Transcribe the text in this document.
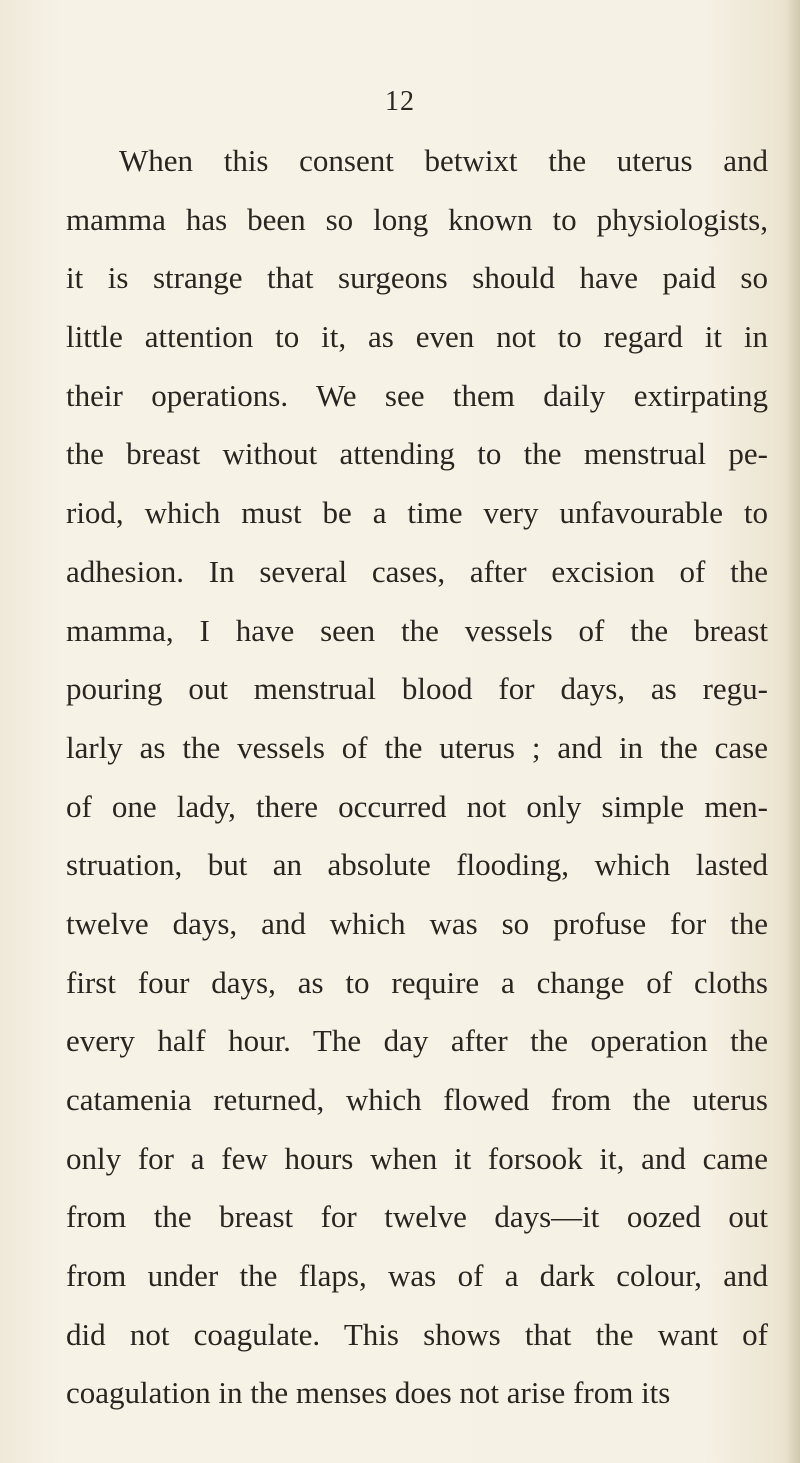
12
When this consent betwixt the uterus and
mamma has been so long known to physiologists,
it is strange that surgeons should have paid so
little attention to it, as even not to regard it in
their operations. We see them daily extirpating
the breast without attending to the menstrual pe-
riod, which must be a time very unfavourable to
adhesion. In several cases, after excision of the
mamma, I have seen the vessels of the breast
pouring out menstrual blood for days, as regu-
larly as the vessels of the uterus ; and in the case
of one lady, there occurred not only simple men-
struation, but an absolute flooding, which lasted
twelve days, and which was so profuse for the
first four days, as to require a change of cloths
every half hour. The day after the operation the
catamenia returned, which flowed from the uterus
only for a few hours when it forsook it, and came
from the breast for twelve days—it oozed out
from under the flaps, was of a dark colour, and
did not coagulate. This shows that the want of
coagulation in the menses does not arise from its
